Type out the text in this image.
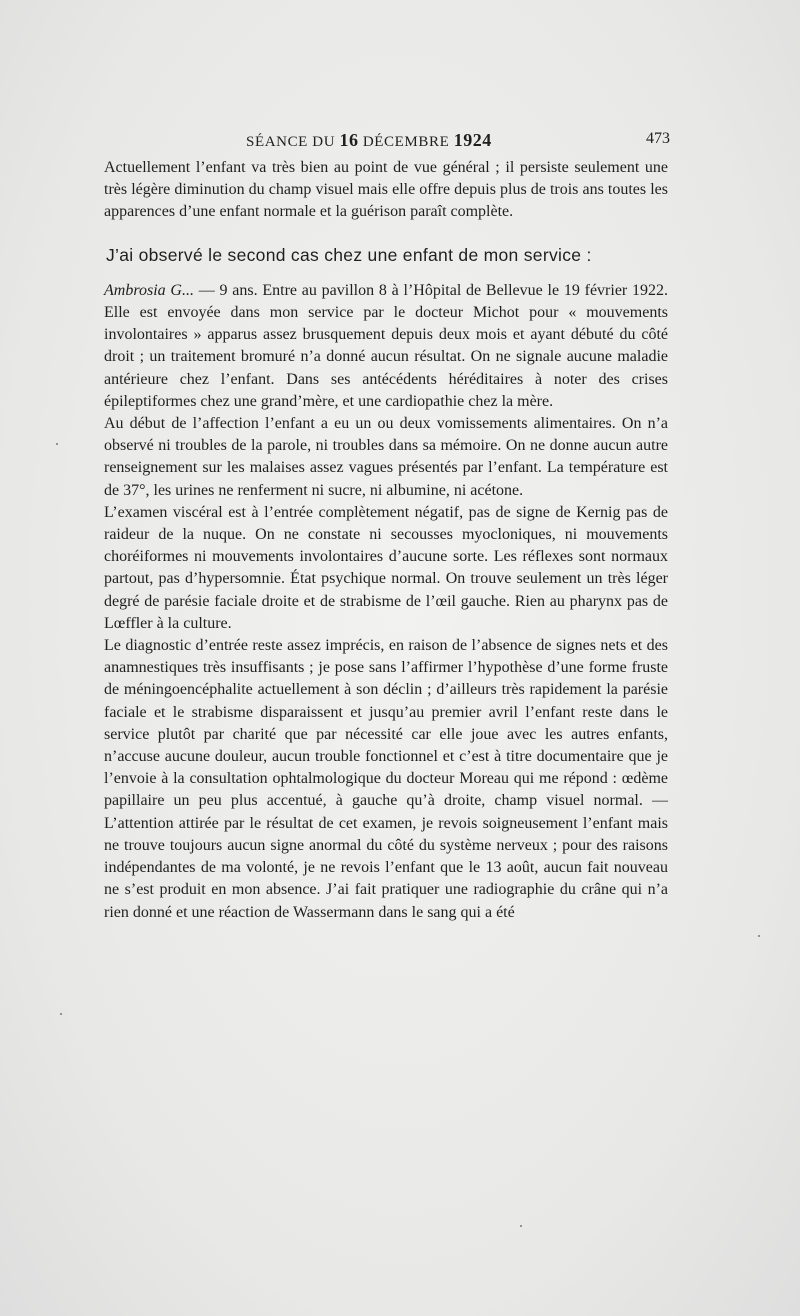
SÉANCE DU 16 DÉCEMBRE 1924	473

Actuellement l’enfant va très bien au point de vue général ; il persiste seulement une très légère diminution du champ visuel mais elle offre depuis plus de trois ans toutes les apparences d’une enfant normale et la guérison paraît complète.

J’ai observé le second cas chez une enfant de mon service :

Ambrosia G... — 9 ans. Entre au pavillon 8 à l’Hôpital de Bellevue le 19 février 1922. Elle est envoyée dans mon service par le docteur Michot pour « mouvements involontaires » apparus assez brusquement depuis deux mois et ayant débuté du côté droit ; un traitement bromuré n’a donné aucun résultat. On ne signale aucune maladie antérieure chez l’enfant. Dans ses antécédents héréditaires à noter des crises épileptiformes chez une grand’mère, et une cardiopathie chez la mère.

Au début de l’affection l’enfant a eu un ou deux vomissements alimentaires. On n’a observé ni troubles de la parole, ni troubles dans sa mémoire. On ne donne aucun autre renseignement sur les malaises assez vagues présentés par l’enfant. La température est de 37°, les urines ne renferment ni sucre, ni albumine, ni acétone.

L’examen viscéral est à l’entrée complètement négatif, pas de signe de Kernig pas de raideur de la nuque. On ne constate ni secousses myocloniques, ni mouvements choréiformes ni mouvements involontaires d’aucune sorte. Les réflexes sont normaux partout, pas d’hypersomnie. État psychique normal. On trouve seulement un très léger degré de parésie faciale droite et de strabisme de l’œil gauche. Rien au pharynx pas de Lœffler à la culture.

Le diagnostic d’entrée reste assez imprécis, en raison de l’absence de signes nets et des anamnestiques très insuffisants ; je pose sans l’affirmer l’hypothèse d’une forme fruste de méningoencéphalite actuellement à son déclin ; d’ailleurs très rapidement la parésie faciale et le strabisme disparaissent et jusqu’au premier avril l’enfant reste dans le service plutôt par charité que par nécessité car elle joue avec les autres enfants, n’accuse aucune douleur, aucun trouble fonctionnel et c’est à titre documentaire que je l’envoie à la consultation ophtalmologique du docteur Moreau qui me répond : œdème papillaire un peu plus accentué, à gauche qu’à droite, champ visuel normal. — L’attention attirée par le résultat de cet examen, je revois soigneusement l’enfant mais ne trouve toujours aucun signe anormal du côté du système nerveux ; pour des raisons indépendantes de ma volonté, je ne revois l’enfant que le 13 août, aucun fait nouveau ne s’est produit en mon absence. J’ai fait pratiquer une radiographie du crâne qui n’a rien donné et une réaction de Wassermann dans le sang qui a été
